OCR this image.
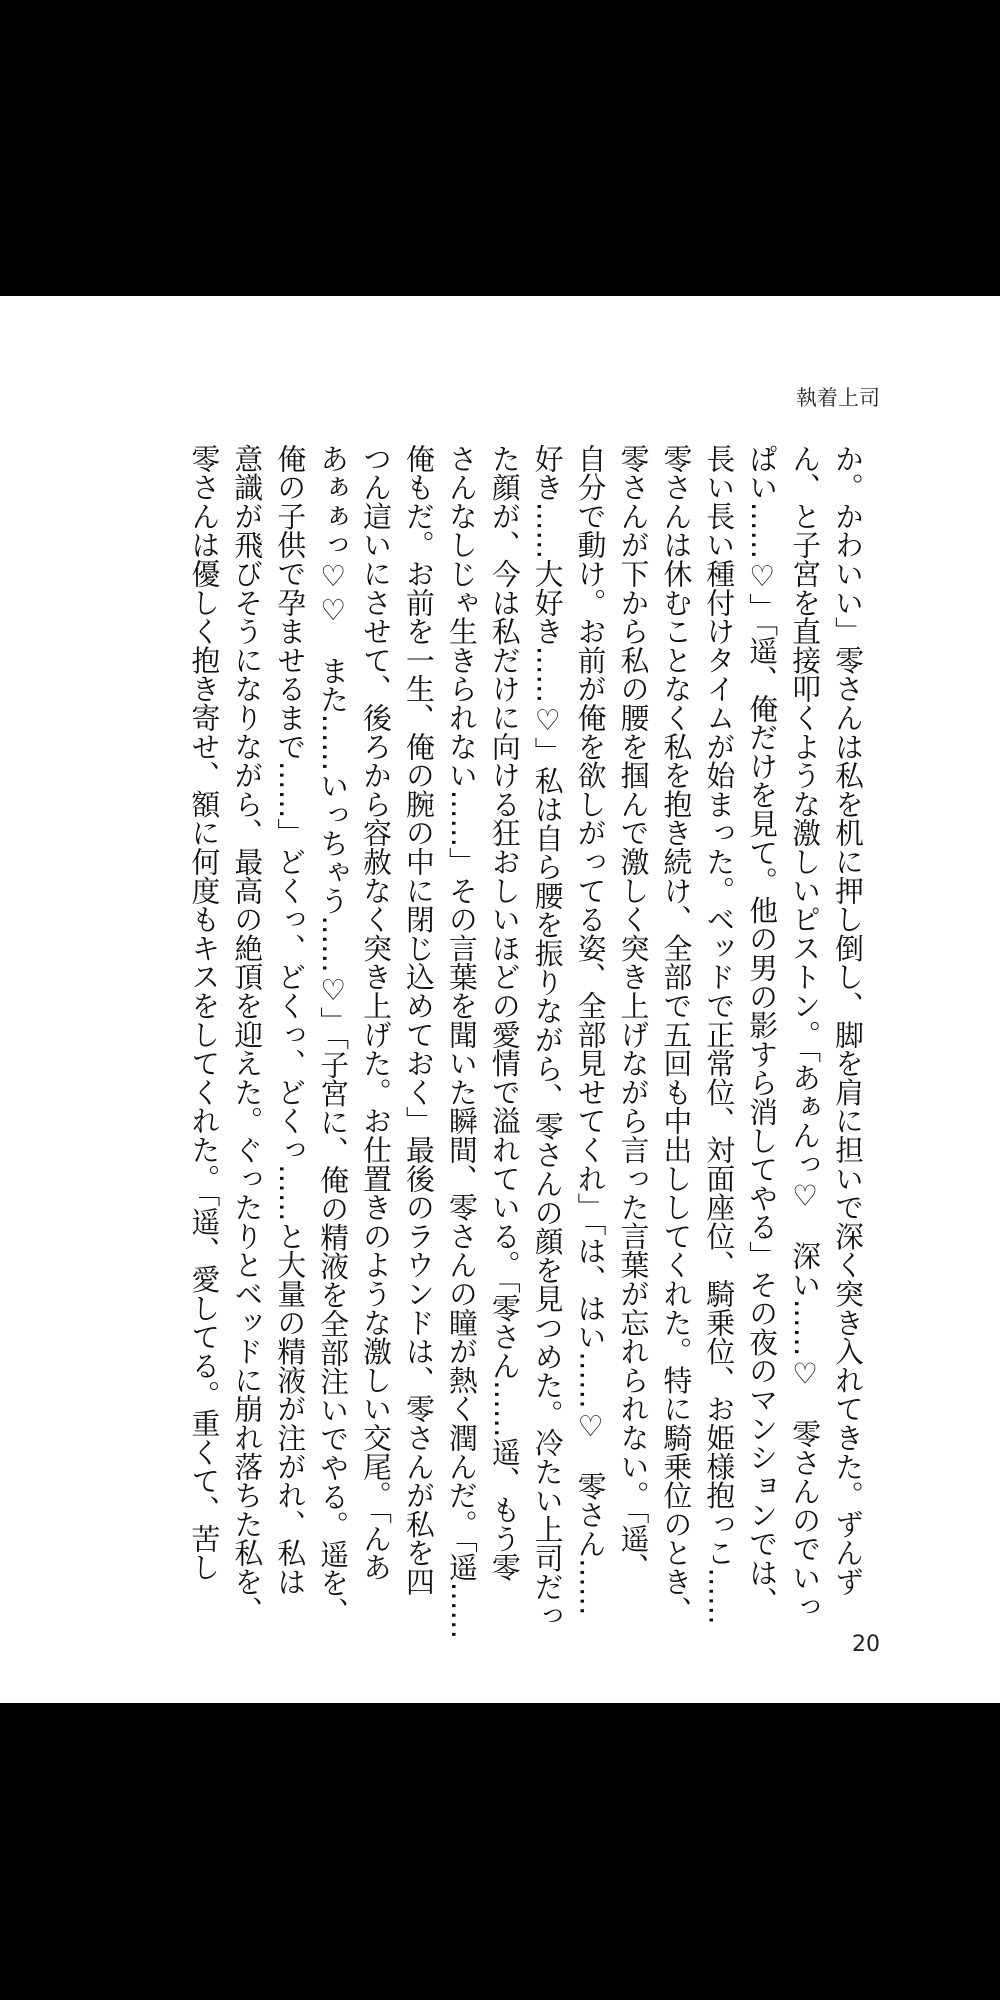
執着上司
か。かわいい」零さんは私を机に押し倒し、脚を肩に担いで深く突き入れてきた。ずんず
ん、と子宮を直接叩くような激しいピストン。「あぁんっ♡　深い……♡　零さんのでいっ
ぱい……♡」「遥、俺だけを見て。他の男の影すら消してやる」その夜のマンションでは、
長い長い種付けタイムが始まった。ベッドで正常位、対面座位、騎乗位、お姫様抱っこ……
零さんは休むことなく私を抱き続け、全部で五回も中出ししてくれた。特に騎乗位のとき、
零さんが下から私の腰を掴んで激しく突き上げながら言った言葉が忘れられない。「遥、
自分で動け。お前が俺を欲しがってる姿、全部見せてくれ」「は、はい……♡　零さん……
好き……大好き……♡」私は自ら腰を振りながら、零さんの顔を見つめた。冷たい上司だっ
た顔が、今は私だけに向ける狂おしいほどの愛情で溢れている。「零さん……遥、もう零
さんなしじゃ生きられない……」その言葉を聞いた瞬間、零さんの瞳が熱く潤んだ。「遥……
俺もだ。お前を一生、俺の腕の中に閉じ込めておく」最後のラウンドは、零さんが私を四
つん這いにさせて、後ろから容赦なく突き上げた。お仕置きのような激しい交尾。「んあ
あぁぁっ♡♡　また……いっちゃう……♡」「子宮に、俺の精液を全部注いでやる。遥を、
俺の子供で孕ませるまで……」どくっ、どくっ、どくっ……と大量の精液が注がれ、私は
意識が飛びそうになりながら、最高の絶頂を迎えた。ぐったりとベッドに崩れ落ちた私を、
零さんは優しく抱き寄せ、額に何度もキスをしてくれた。「遥、愛してる。重くて、苦し
20
